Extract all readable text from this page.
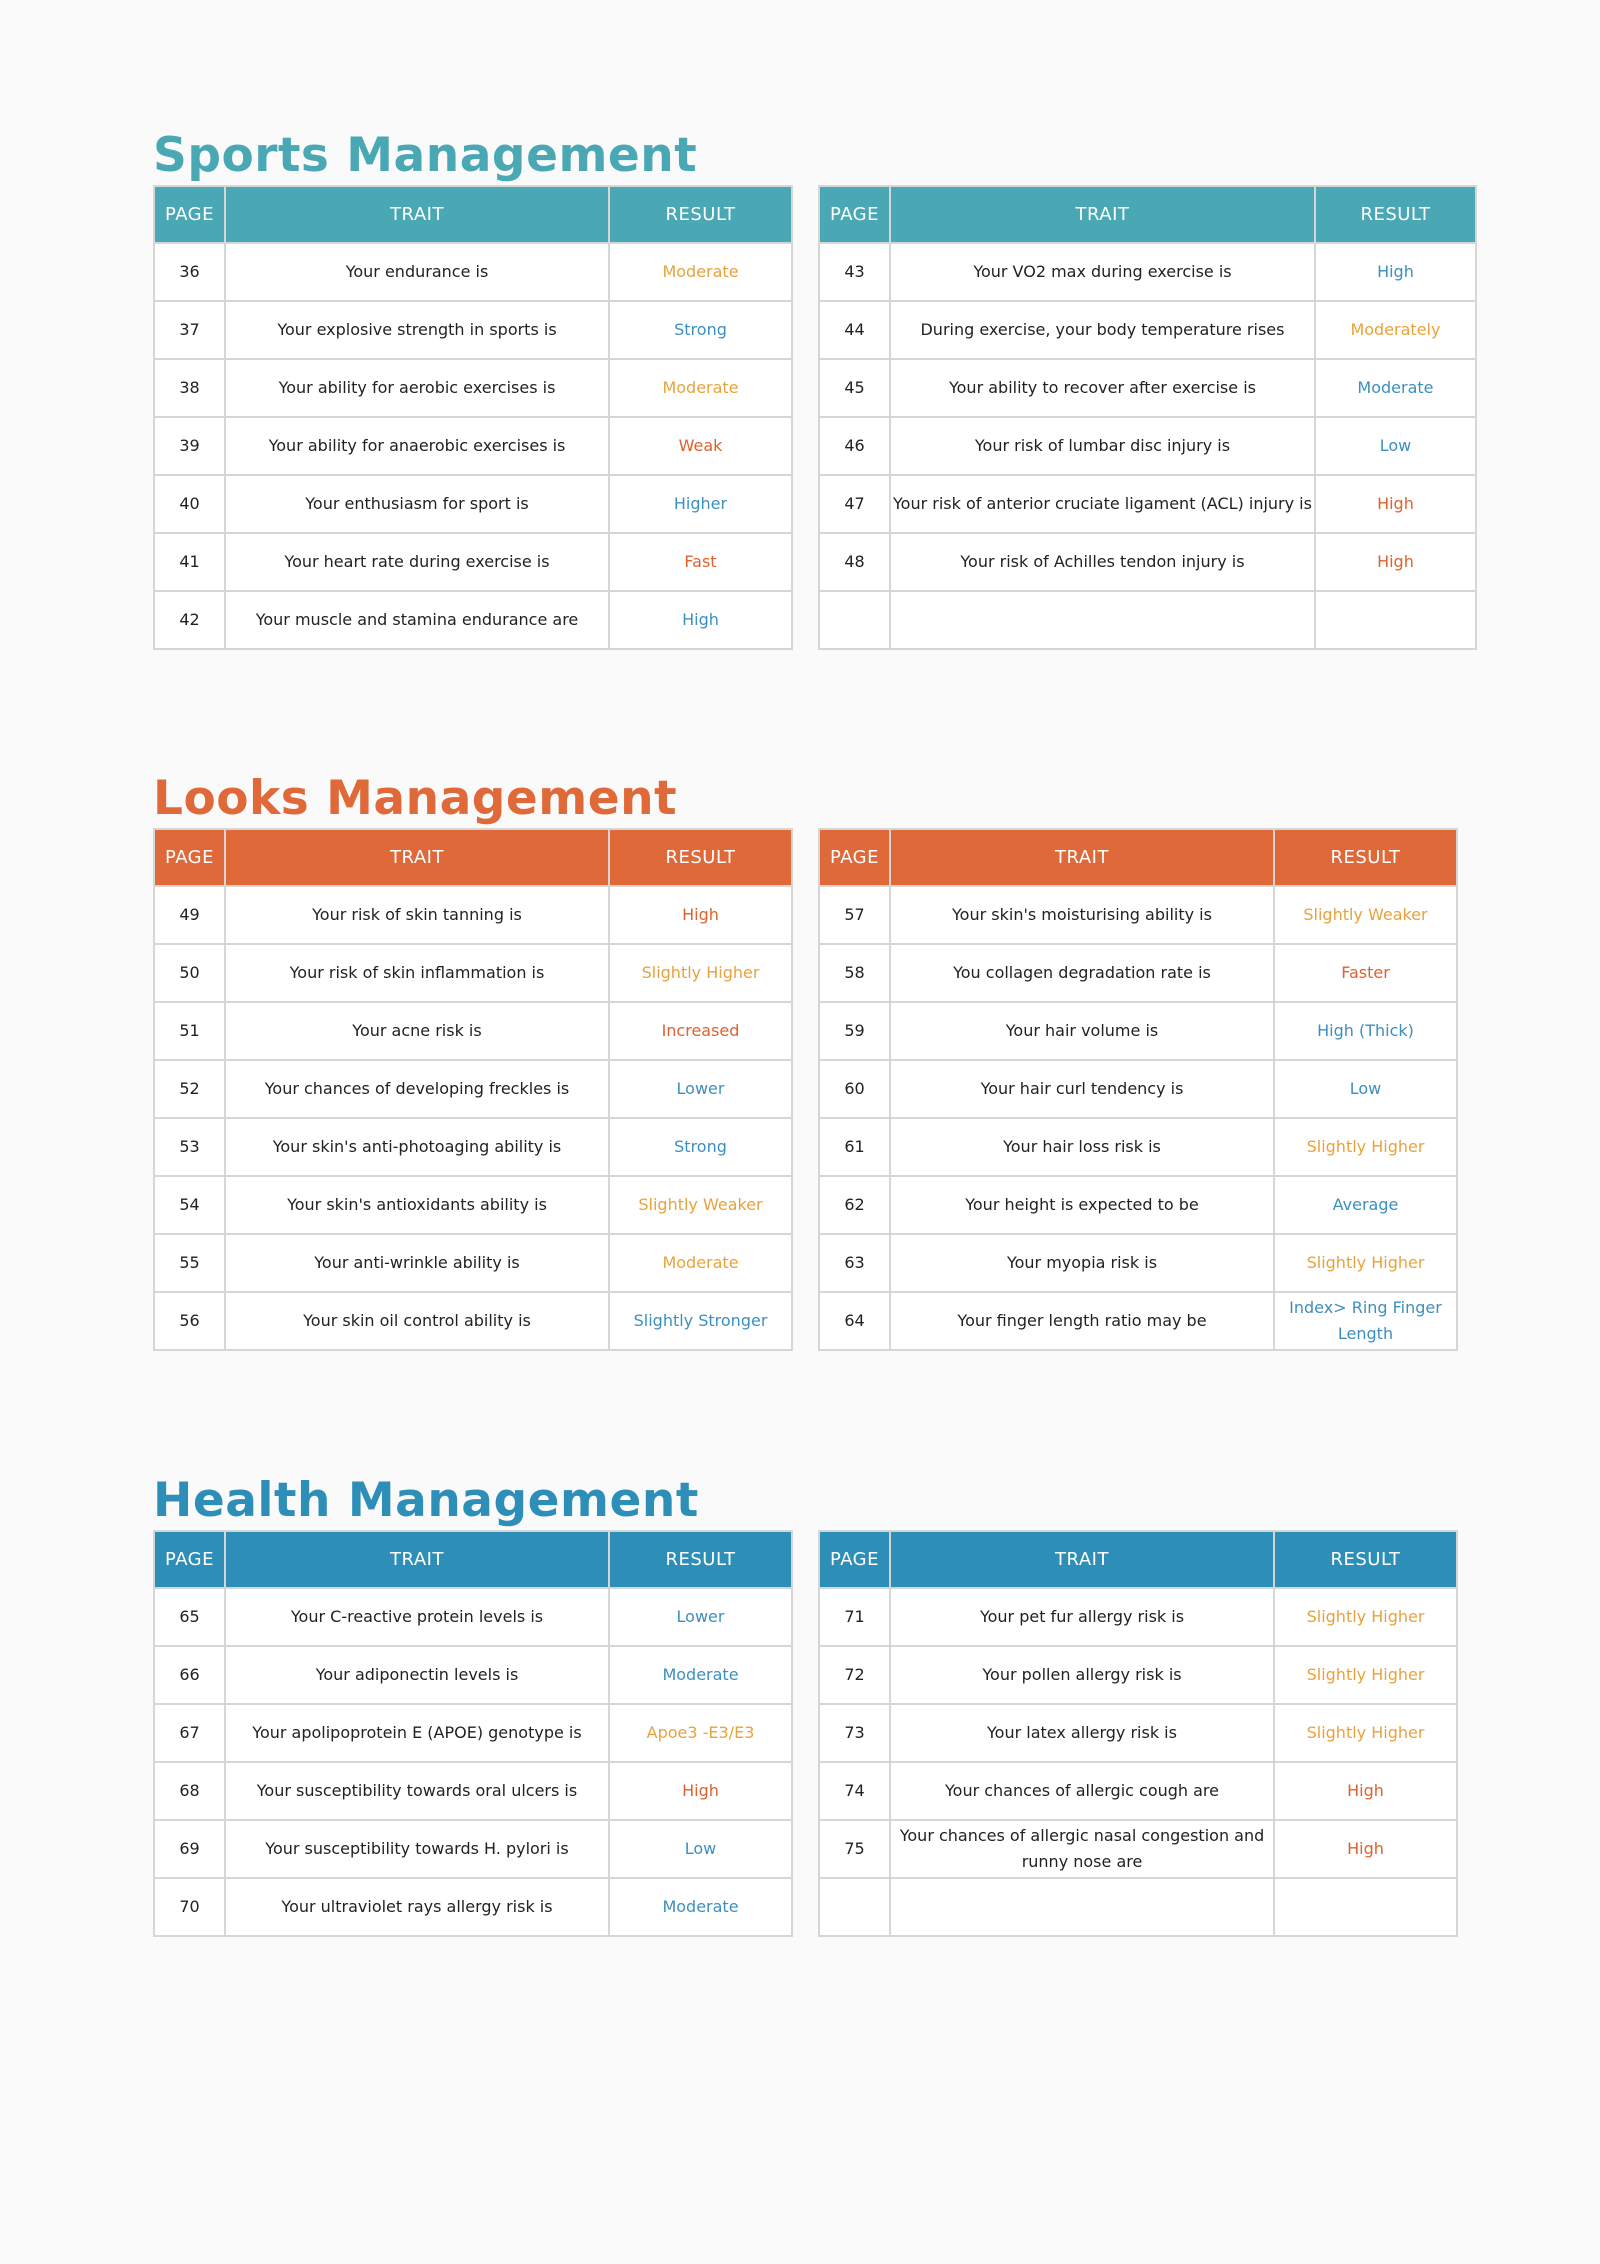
Sports Management
PAGE	TRAIT	RESULT
36	Your endurance is	Moderate
37	Your explosive strength in sports is	Strong
38	Your ability for aerobic exercises is	Moderate
39	Your ability for anaerobic exercises is	Weak
40	Your enthusiasm for sport is	Higher
41	Your heart rate during exercise is	Fast
42	Your muscle and stamina endurance are	High
PAGE	TRAIT	RESULT
43	Your VO2 max during exercise is	High
44	During exercise, your body temperature rises	Moderately
45	Your ability to recover after exercise is	Moderate
46	Your risk of lumbar disc injury is	Low
47	Your risk of anterior cruciate ligament (ACL) injury is	High
48	Your risk of Achilles tendon injury is	High

Looks Management
PAGE	TRAIT	RESULT
49	Your risk of skin tanning is	High
50	Your risk of skin inflammation is	Slightly Higher
51	Your acne risk is	Increased
52	Your chances of developing freckles is	Lower
53	Your skin's anti-photoaging ability is	Strong
54	Your skin's antioxidants ability is	Slightly Weaker
55	Your anti-wrinkle ability is	Moderate
56	Your skin oil control ability is	Slightly Stronger
PAGE	TRAIT	RESULT
57	Your skin's moisturising ability is	Slightly Weaker
58	You collagen degradation rate is	Faster
59	Your hair volume is	High (Thick)
60	Your hair curl tendency is	Low
61	Your hair loss risk is	Slightly Higher
62	Your height is expected to be	Average
63	Your myopia risk is	Slightly Higher
64	Your finger length ratio may be	Index> Ring Finger Length
Health Management
PAGE	TRAIT	RESULT
65	Your C-reactive protein levels is	Lower
66	Your adiponectin levels is	Moderate
67	Your apolipoprotein E (APOE) genotype is	Apoe3 -E3/E3
68	Your susceptibility towards oral ulcers is	High
69	Your susceptibility towards H. pylori is	Low
70	Your ultraviolet rays allergy risk is	Moderate
PAGE	TRAIT	RESULT
71	Your pet fur allergy risk is	Slightly Higher
72	Your pollen allergy risk is	Slightly Higher
73	Your latex allergy risk is	Slightly Higher
74	Your chances of allergic cough are	High
75	Your chances of allergic nasal congestion and runny nose are	High
